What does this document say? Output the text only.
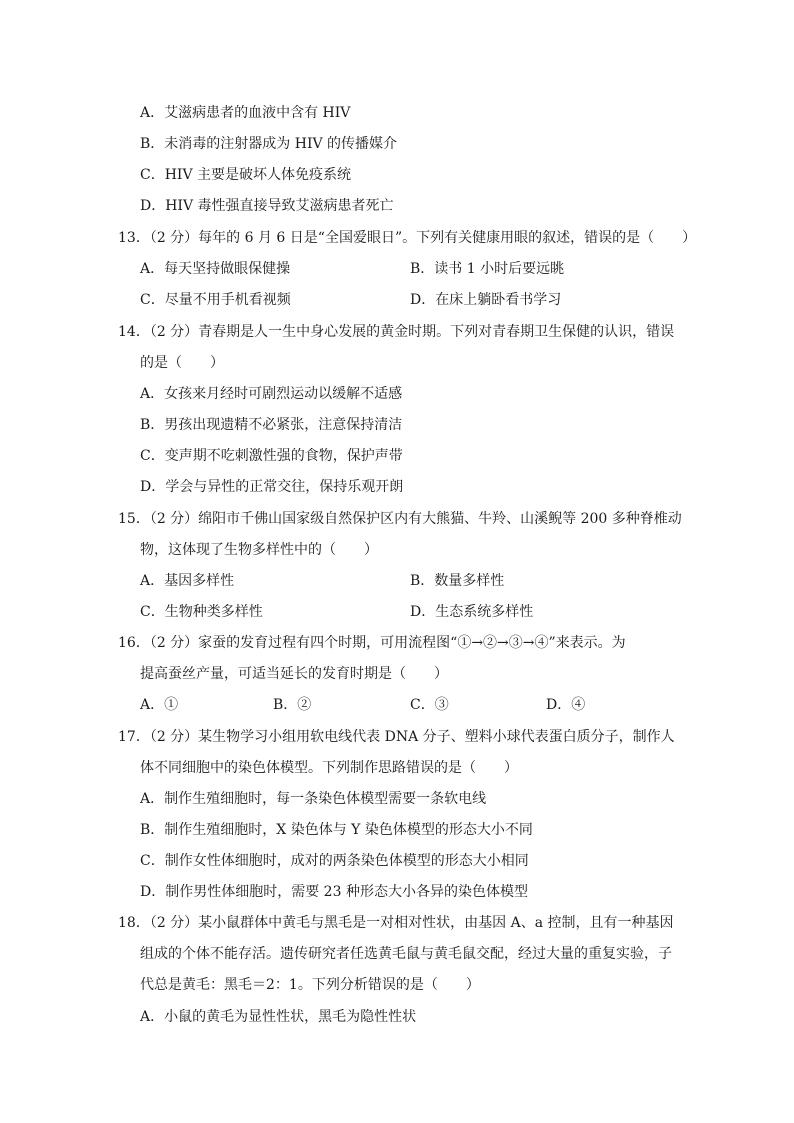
A．艾滋病患者的血液中含有 HIV
B．未消毒的注射器成为 HIV 的传播媒介
C．HIV 主要是破坏人体免疫系统
D．HIV 毒性强直接导致艾滋病患者死亡
13．（2 分）每年的 6 月 6 日是“全国爱眼日”。下列有关健康用眼的叙述，错误的是（　　）
A．每天坚持做眼保健操	B．读书 1 小时后要远眺
C．尽量不用手机看视频	D．在床上躺卧看书学习
14．（2 分）青春期是人一生中身心发展的黄金时期。下列对青春期卫生保健的认识，错误
的是（　　）
A．女孩来月经时可剧烈运动以缓解不适感
B．男孩出现遗精不必紧张，注意保持清洁
C．变声期不吃刺激性强的食物，保护声带
D．学会与异性的正常交往，保持乐观开朗
15．（2 分）绵阳市千佛山国家级自然保护区内有大熊猫、牛羚、山溪鲵等 200 多种脊椎动
物，这体现了生物多样性中的（　　）
A．基因多样性	B．数量多样性
C．生物种类多样性	D．生态系统多样性
16．（2 分）家蚕的发育过程有四个时期，可用流程图“①→②→③→④”来表示。为
提高蚕丝产量，可适当延长的发育时期是（　　）
A．①	B．②	C．③	D．④
17．（2 分）某生物学习小组用软电线代表 DNA 分子、塑料小球代表蛋白质分子，制作人
体不同细胞中的染色体模型。下列制作思路错误的是（　　）
A．制作生殖细胞时，每一条染色体模型需要一条软电线
B．制作生殖细胞时，X 染色体与 Y 染色体模型的形态大小不同
C．制作女性体细胞时，成对的两条染色体模型的形态大小相同
D．制作男性体细胞时，需要 23 种形态大小各异的染色体模型
18．（2 分）某小鼠群体中黄毛与黑毛是一对相对性状，由基因 A、a 控制，且有一种基因
组成的个体不能存活。遗传研究者任选黄毛鼠与黄毛鼠交配，经过大量的重复实验，子
代总是黄毛：黑毛＝2：1。下列分析错误的是（　　）
A．小鼠的黄毛为显性性状，黑毛为隐性性状
